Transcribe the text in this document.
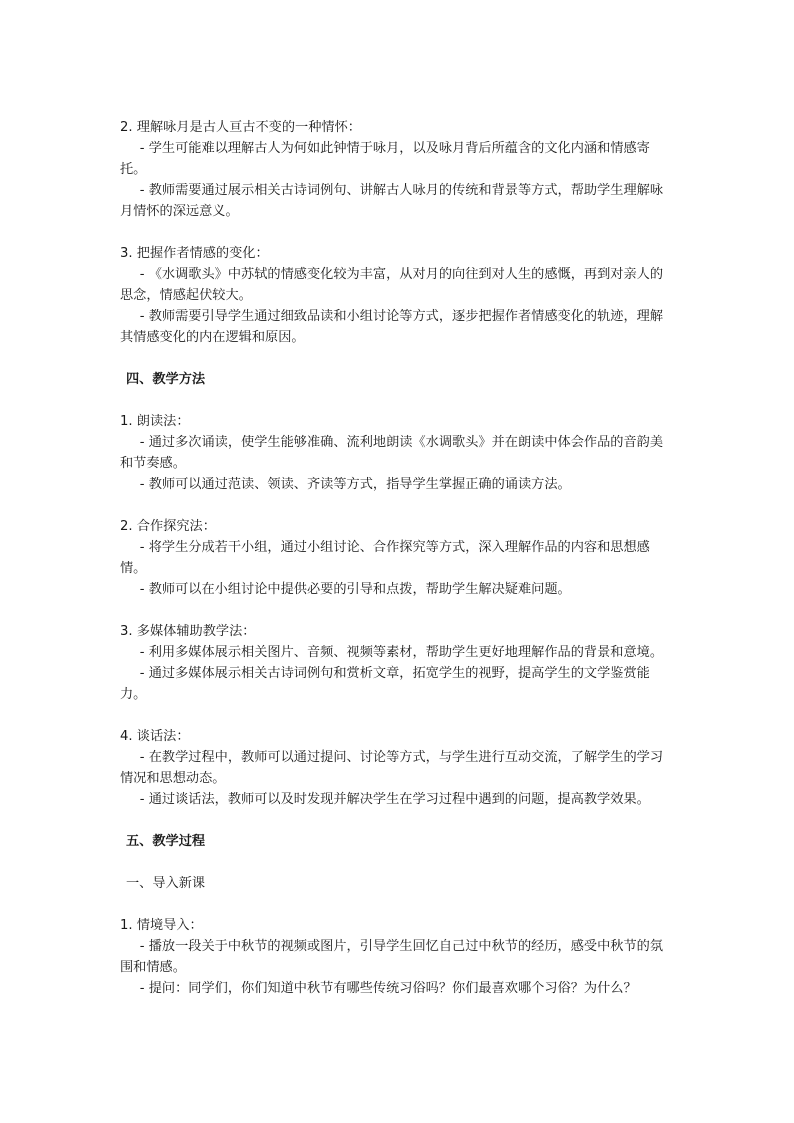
2. 理解咏月是古人亘古不变的一种情怀：

- 学生可能难以理解古人为何如此钟情于咏月，以及咏月背后所蕴含的文化内涵和情感寄托。

- 教师需要通过展示相关古诗词例句、讲解古人咏月的传统和背景等方式，帮助学生理解咏月情怀的深远意义。

3. 把握作者情感的变化：

- 《水调歌头》中苏轼的情感变化较为丰富，从对月的向往到对人生的感慨，再到对亲人的思念，情感起伏较大。

- 教师需要引导学生通过细致品读和小组讨论等方式，逐步把握作者情感变化的轨迹，理解其情感变化的内在逻辑和原因。

四、教学方法

1. 朗读法：

- 通过多次诵读，使学生能够准确、流利地朗读《水调歌头》并在朗读中体会作品的音韵美和节奏感。

- 教师可以通过范读、领读、齐读等方式，指导学生掌握正确的诵读方法。

2. 合作探究法：

- 将学生分成若干小组，通过小组讨论、合作探究等方式，深入理解作品的内容和思想感情。

- 教师可以在小组讨论中提供必要的引导和点拨，帮助学生解决疑难问题。

3. 多媒体辅助教学法：

- 利用多媒体展示相关图片、音频、视频等素材，帮助学生更好地理解作品的背景和意境。

- 通过多媒体展示相关古诗词例句和赏析文章，拓宽学生的视野，提高学生的文学鉴赏能力。

4. 谈话法：

- 在教学过程中，教师可以通过提问、讨论等方式，与学生进行互动交流，了解学生的学习情况和思想动态。

- 通过谈话法，教师可以及时发现并解决学生在学习过程中遇到的问题，提高教学效果。

五、教学过程

一、导入新课

1. 情境导入：

- 播放一段关于中秋节的视频或图片，引导学生回忆自己过中秋节的经历，感受中秋节的氛围和情感。

- 提问：同学们，你们知道中秋节有哪些传统习俗吗？你们最喜欢哪个习俗？为什么？
